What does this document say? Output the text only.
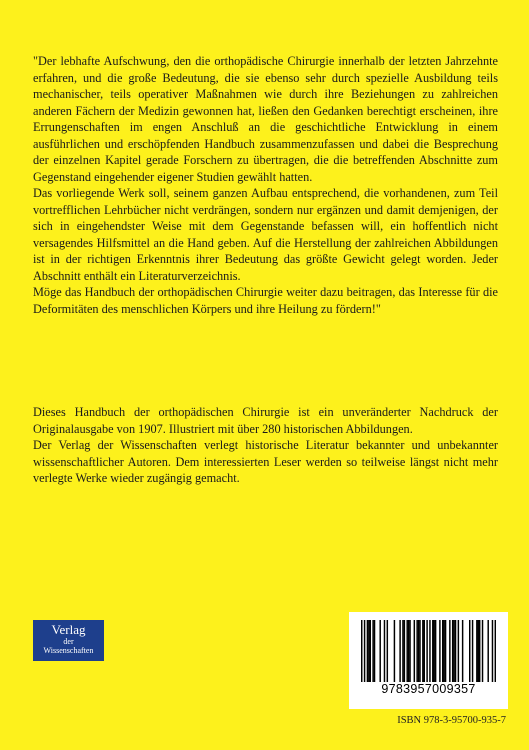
"Der lebhafte Aufschwung, den die orthopädische Chirurgie innerhalb der letzten Jahrzehnte erfahren, und die große Bedeutung, die sie ebenso sehr durch spezielle Ausbildung teils mechanischer, teils operativer Maßnahmen wie durch ihre Beziehungen zu zahlreichen anderen Fächern der Medizin gewonnen hat, ließen den Gedanken berechtigt erscheinen, ihre Errungenschaften im engen Anschluß an die geschichtliche Entwicklung in einem ausführlichen und erschöpfenden Handbuch zusammenzufassen und dabei die Besprechung der einzelnen Kapitel gerade Forschern zu übertragen, die die betreffenden Abschnitte zum Gegenstand eingehender eigener Studien gewählt hatten.

Das vorliegende Werk soll, seinem ganzen Aufbau entsprechend, die vorhandenen, zum Teil vortrefflichen Lehrbücher nicht verdrängen, sondern nur ergänzen und damit demjenigen, der sich in eingehendster Weise mit dem Gegenstande befassen will, ein hoffentlich nicht versagendes Hilfsmittel an die Hand geben. Auf die Herstellung der zahlreichen Abbildungen ist in der richtigen Erkenntnis ihrer Bedeutung das größte Gewicht gelegt worden. Jeder Abschnitt enthält ein Literaturverzeichnis.

Möge das Handbuch der orthopädischen Chirurgie weiter dazu beitragen, das Interesse für die Deformitäten des menschlichen Körpers und ihre Heilung zu fördern!"

Dieses Handbuch der orthopädischen Chirurgie ist ein unveränderter Nachdruck der Originalausgabe von 1907. Illustriert mit über 280 historischen Abbildungen.

Der Verlag der Wissenschaften verlegt historische Literatur bekannter und unbekannter wissenschaftlicher Autoren. Dem interessierten Leser werden so teilweise längst nicht mehr verlegte Werke wieder zugängig gemacht.

Verlag
der
Wissenschaften
9783957009357
ISBN 978-3-95700-935-7
